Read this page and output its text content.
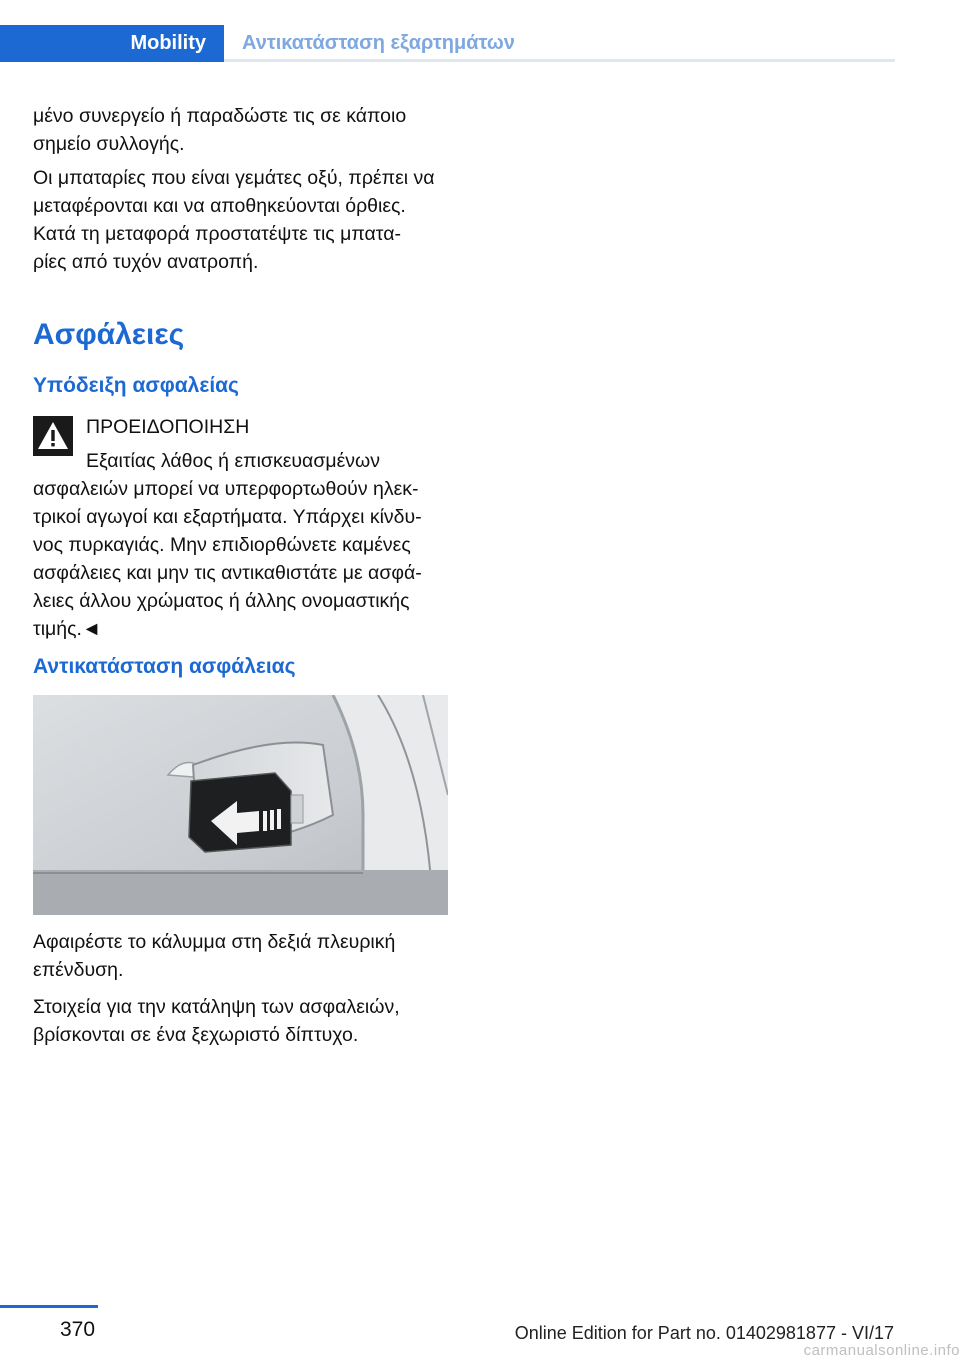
Mobility	Αντικατάσταση εξαρτημάτων

μένο συνεργείο ή παραδώστε τις σε κάποιο

σημείο συλλογής.

Οι μπαταρίες που είναι γεμάτες οξύ, πρέπει να

μεταφέρονται και να αποθηκεύονται όρθιες.

Κατά τη μεταφορά προστατέψτε τις μπατα‐

ρίες από τυχόν ανατροπή.

Ασφάλειες

Υπόδειξη ασφαλείας

ΠΡΟΕΙΔΟΠΟΙΗΣΗ

Εξαιτίας λάθος ή επισκευασμένων

ασφαλειών μπορεί να υπερφορτωθούν ηλεκ‐

τρικοί αγωγοί και εξαρτήματα. Υπάρχει κίνδυ‐

νος πυρκαγιάς. Μην επιδιορθώνετε καμένες

ασφάλειες και μην τις αντικαθιστάτε με ασφά‐

λειες άλλου χρώματος ή άλλης ονομαστικής

τιμής.◄

Αντικατάσταση ασφάλειας

Αφαιρέστε το κάλυμμα στη δεξιά πλευρική

επένδυση.

Στοιχεία για την κατάληψη των ασφαλειών,

βρίσκονται σε ένα ξεχωριστό δίπτυχο.

370	Online Edition for Part no. 01402981877 - VI/17
carmanualsonline.info
